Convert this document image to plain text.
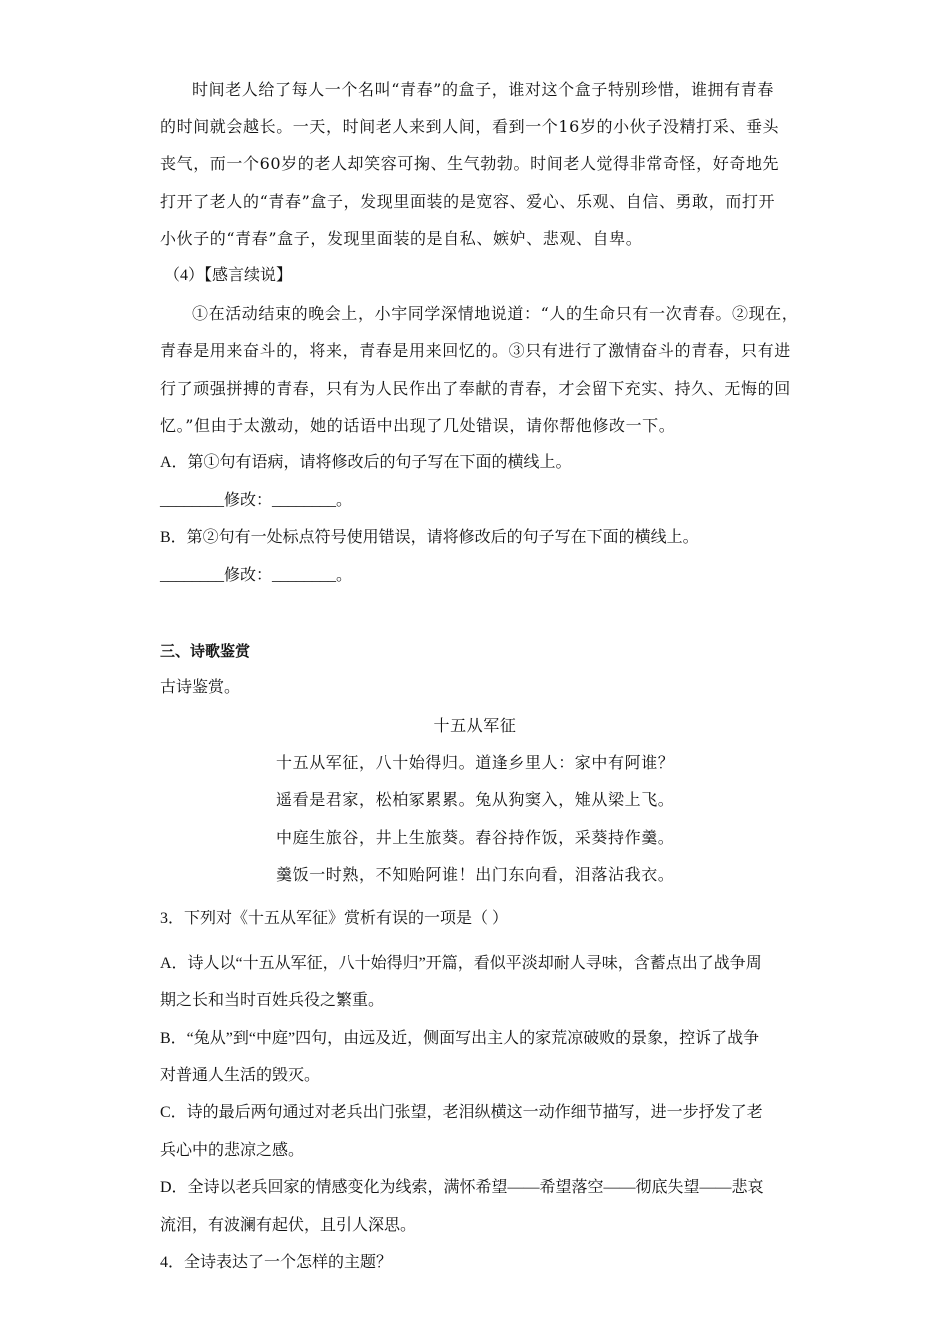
时间老人给了每人一个名叫“青春”的盒子，谁对这个盒子特别珍惜，谁拥有青春
的时间就会越长。一天，时间老人来到人间，看到一个16岁的小伙子没精打采、垂头
丧气，而一个60岁的老人却笑容可掬、生气勃勃。时间老人觉得非常奇怪，好奇地先
打开了老人的“青春”盒子，发现里面装的是宽容、爱心、乐观、自信、勇敢，而打开
小伙子的“青春”盒子，发现里面装的是自私、嫉妒、悲观、自卑。
（4）【感言续说】
①在活动结束的晚会上，小宇同学深情地说道：“人的生命只有一次青春。②现在，
青春是用来奋斗的，将来，青春是用来回忆的。③只有进行了激情奋斗的青春，只有进
行了顽强拼搏的青春，只有为人民作出了奉献的青春，才会留下充实、持久、无悔的回
忆。”但由于太激动，她的话语中出现了几处错误，请你帮他修改一下。
A．第①句有语病，请将修改后的句子写在下面的横线上。
________修改：________。
B．第②句有一处标点符号使用错误，请将修改后的句子写在下面的横线上。
________修改：________。
三、诗歌鉴赏
古诗鉴赏。
十五从军征
十五从军征，八十始得归。道逢乡里人：家中有阿谁？
遥看是君家，松柏冢累累。兔从狗窦入，雉从梁上飞。
中庭生旅谷，井上生旅葵。舂谷持作饭，采葵持作羹。
羹饭一时熟，不知贻阿谁！出门东向看，泪落沾我衣。
3．下列对《十五从军征》赏析有误的一项是（ ）
A．诗人以“十五从军征，八十始得归”开篇，看似平淡却耐人寻味，含蓄点出了战争周
期之长和当时百姓兵役之繁重。
B．“兔从”到“中庭”四句，由远及近，侧面写出主人的家荒凉破败的景象，控诉了战争
对普通人生活的毁灭。
C．诗的最后两句通过对老兵出门张望，老泪纵横这一动作细节描写，进一步抒发了老
兵心中的悲凉之感。
D．全诗以老兵回家的情感变化为线索，满怀希望——希望落空——彻底失望——悲哀
流泪，有波澜有起伏，且引人深思。
4．全诗表达了一个怎样的主题？
